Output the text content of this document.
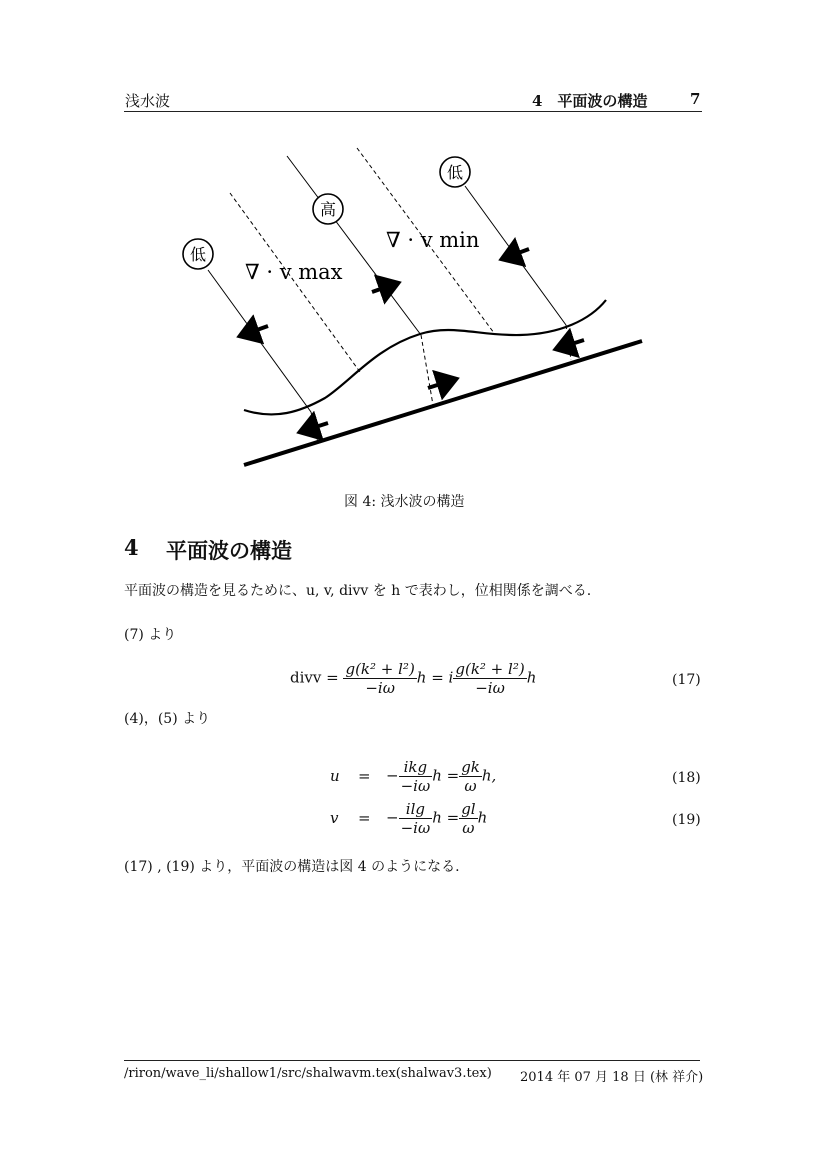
浅水波	4　平面波の構造	7
低
高
低
∇ · v max
∇ · v min
図 4: 浅水波の構造
4 平面波の構造
平面波の構造を見るために、u, v, divv を h で表わし，位相関係を調べる.
(7) より
divv = $\frac{\text{g(k² + l²)}}{-i\omega}$ h = i $\frac{\text{g(k² + l²)}}{-i\omega}$ h	(17)
(4)，(5) より
u = − $\frac{\text{ikg}}{-i\omega}$ $h = \frac{gk}{\omega} h$,	(18)
v = − $\frac{ilg}{-i\omega}$ $h = \frac{gl}{\omega}$ h	(19)
(17) , (19) より，平面波の構造は図 4 のようになる.
/riron/wave_li/shallow1/src/shalwavm.tex(shalwav3.tex) 2014 年 07 月 18 日 (林 祥介)
